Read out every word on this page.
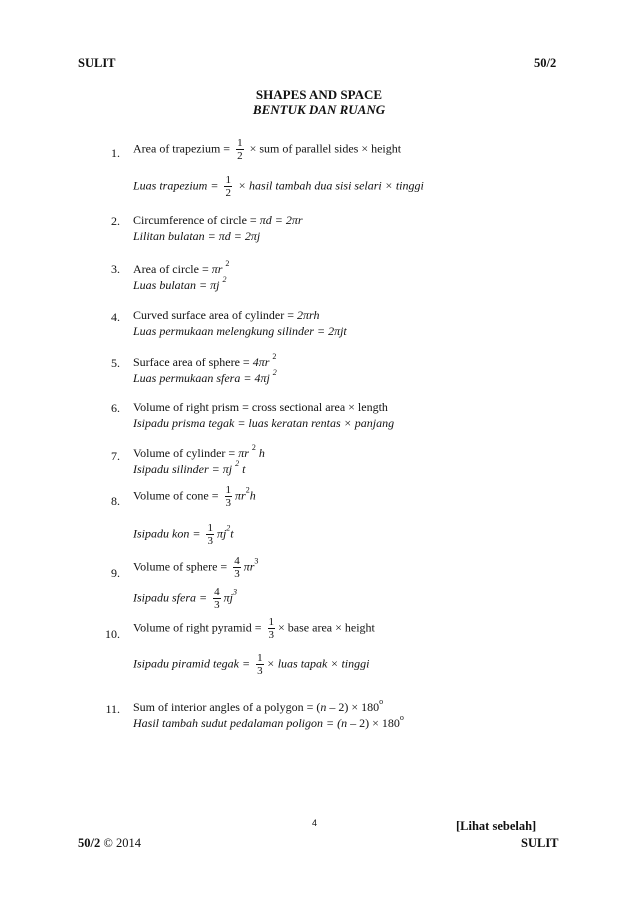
SULIT	50/2
SHAPES AND SPACE
BENTUK DAN RUANG
1. Area of trapezium = $\frac{1}{2}$ × sum of parallel sides × height
Luas trapezium = $\frac{1}{2}$ × hasil tambah dua sisi selari × tinggi
2. Circumference of circle = πd = 2πr
Lilitan bulatan = πd = 2πj
3. Area of circle = πr $^2$
Luas bulatan = πj $^2$
4. Curved surface area of cylinder = 2πrh
Luas permukaan melengkung silinder = 2πjt
5. Surface area of sphere = 4πr $^2$
Luas permukaan sfera = 4πj $^2$
6. Volume of right prism = cross sectional area × length
Isipadu prisma tegak = luas keratan rentas × panjang
7. Volume of cylinder = πr $^2$ h
Isipadu silinder = πj $^2$ t
8. Volume of cone = $\frac{1}{3} \pi r^2h$
Isipadu kon = $\frac{1}{3} \pi j^2t$
9. Volume of sphere = $\frac{4}{3} \pi r^3$
Isipadu sfera = $\frac{4}{3} \pi j^3$
10. Volume of right pyramid = $\frac{1}{3}$ × base area × height
Isipadu piramid tegak = $\frac{1}{3}$ × luas tapak × tinggi
11. Sum of interior angles of a polygon = $(n - 2) \times 180^o$
Hasil tambah sudut pedalaman poligon = $(n - 2) \times 180^o$
4	[Lihat sebelah]
50/2 © 2014	SULIT
